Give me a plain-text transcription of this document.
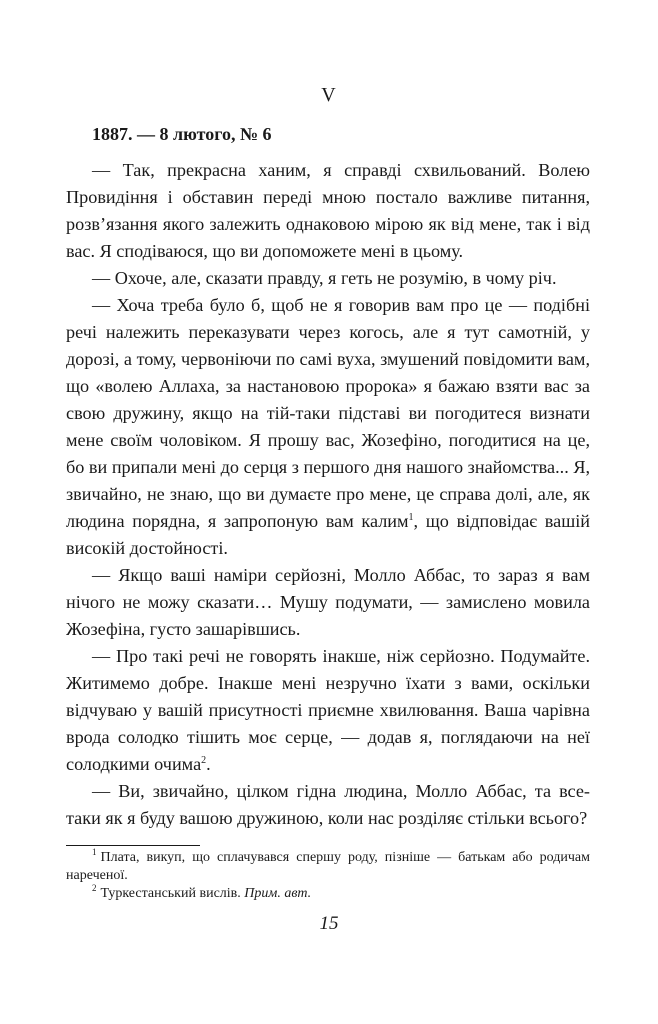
V
1887. — 8 лютого, № 6

— Так, прекрасна ханим, я справді схвильований. Волею Провидіння і обставин переді мною постало важливе питання, розв’язання якого залежить однаковою мірою як від мене, так і від вас. Я сподіваюся, що ви допоможете мені в цьому.

— Охоче, але, сказати правду, я геть не розумію, в чому річ.

— Хоча треба було б, щоб не я говорив вам про це — подібні речі належить переказувати через когось, але я тут самотній, у дорозі, а тому, червоніючи по самі вуха, змушений повідомити вам, що «волею Аллаха, за настановою пророка» я бажаю взяти вас за свою дружину, якщо на тій-таки підставі ви погодитеся визнати мене своїм чоловіком. Я прошу вас, Жозефіно, погодитися на це, бо ви припали мені до серця з першого дня нашого знайомства... Я, звичайно, не знаю, що ви думаєте про мене, це справа долі, але, як людина порядна, я запропоную вам калим$^1$, що відповідає вашій високій достойності.

— Якщо ваші наміри серйозні, Молло Аббас, то зараз я вам нічого не можу сказати… Мушу подумати, — замислено мовила Жозефіна, густо зашарівшись.

— Про такі речі не говорять інакше, ніж серйозно. Подумайте. Житимемо добре. Інакше мені незручно їхати з вами, оскільки відчуваю у вашій присутності приємне хвилювання. Ваша чарівна врода солодко тішить моє серце, — додав я, поглядаючи на неї солодкими очима$^2$.

— Ви, звичайно, цілком гідна людина, Молло Аббас, та все-таки як я буду вашою дружиною, коли нас розділяє стільки всього?

$^1$ Плата, викуп, що сплачувався спершу роду, пізніше — батькам або родичам нареченої.

$^2$ Туркестанський вислів. Прим. авт.

15
